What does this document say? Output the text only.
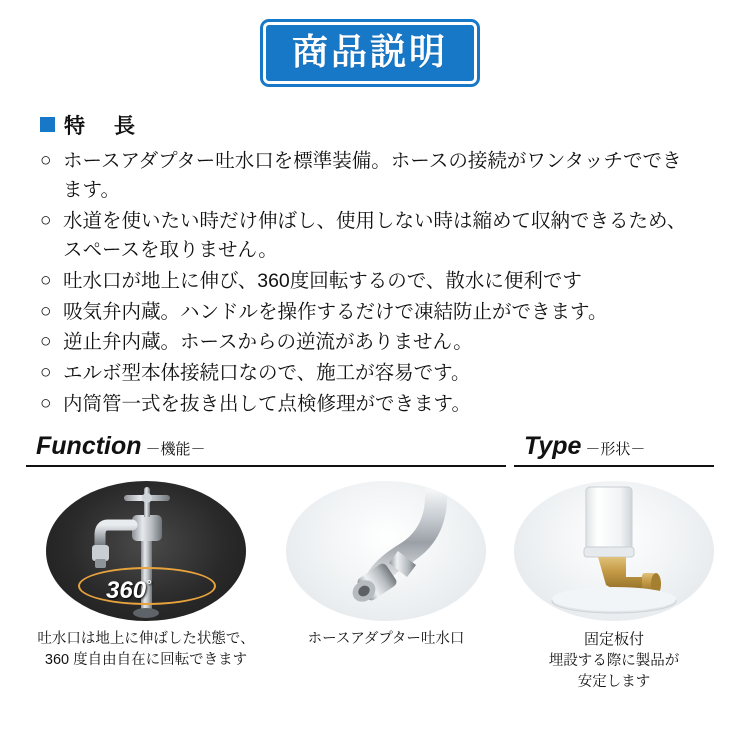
商品説明
特　長
○ ホースアダプター吐水口を標準装備。ホースの接続がワンタッチでできます。
○ 水道を使いたい時だけ伸ばし、使用しない時は縮めて収納できるため、スペースを取りません。
○ 吐水口が地上に伸び、360度回転するので、散水に便利です
○ 吸気弁内蔵。ハンドルを操作するだけで凍結防止ができます。
○ 逆止弁内蔵。ホースからの逆流がありません。
○ エルボ型本体接続口なので、施工が容易です。
○ 内筒管一式を抜き出して点検修理ができます。
Function －機能－
360°
吐水口は地上に伸ばした状態で、
360 度自由自在に回転できます
ホースアダプター吐水口
Type －形状－
固定板付
埋設する際に製品が
安定します
